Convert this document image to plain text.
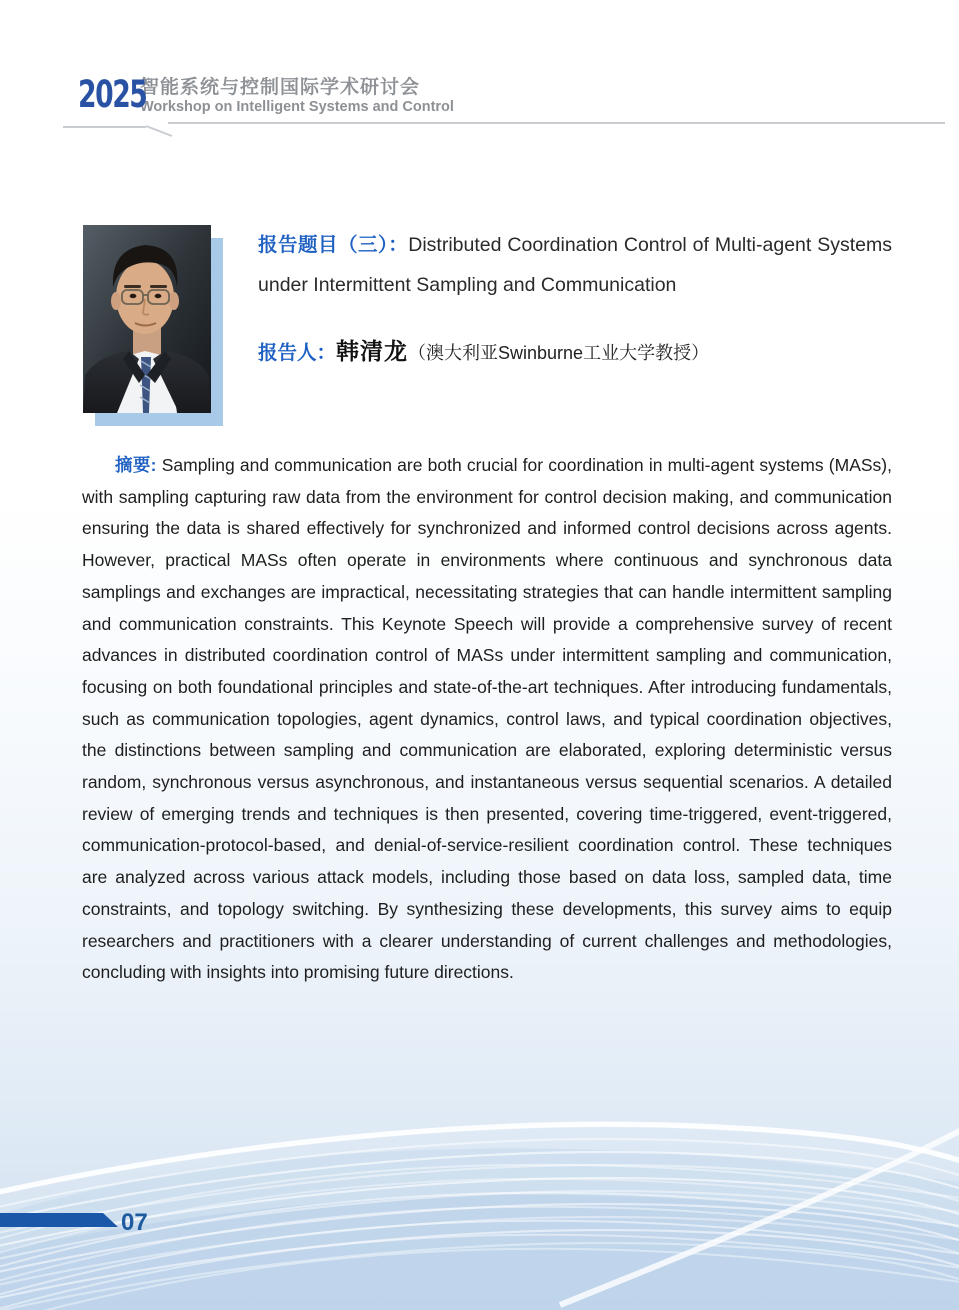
2025
智能系统与控制国际学术研讨会
Workshop on Intelligent Systems and Control

报告题目（三）：Distributed Coordination Control of Multi-agent Systems under Intermittent Sampling and Communication

报告人：韩清龙（澳大利亚Swinburne工业大学教授）

摘要: Sampling and communication are both crucial for coordination in multi-agent systems (MASs), with sampling capturing raw data from the environment for control decision making, and communication ensuring the data is shared effectively for synchronized and informed control decisions across agents. However, practical MASs often operate in environments where continuous and synchronous data samplings and exchanges are impractical, necessitating strategies that can handle intermittent sampling and communication constraints. This Keynote Speech will provide a comprehensive survey of recent advances in distributed coordination control of MASs under intermittent sampling and communication, focusing on both foundational principles and state-of-the-art techniques. After introducing fundamentals, such as communication topologies, agent dynamics, control laws, and typical coordination objectives, the distinctions between sampling and communication are elaborated, exploring deterministic versus random, synchronous versus asynchronous, and instantaneous versus sequential scenarios. A detailed review of emerging trends and techniques is then presented, covering time-triggered, event-triggered, communication-protocol-based, and denial-of-service-resilient coordination control. These techniques are analyzed across various attack models, including those based on data loss, sampled data, time constraints, and topology switching. By synthesizing these developments, this survey aims to equip researchers and practitioners with a clearer understanding of current challenges and methodologies, concluding with insights into promising future directions.

07
